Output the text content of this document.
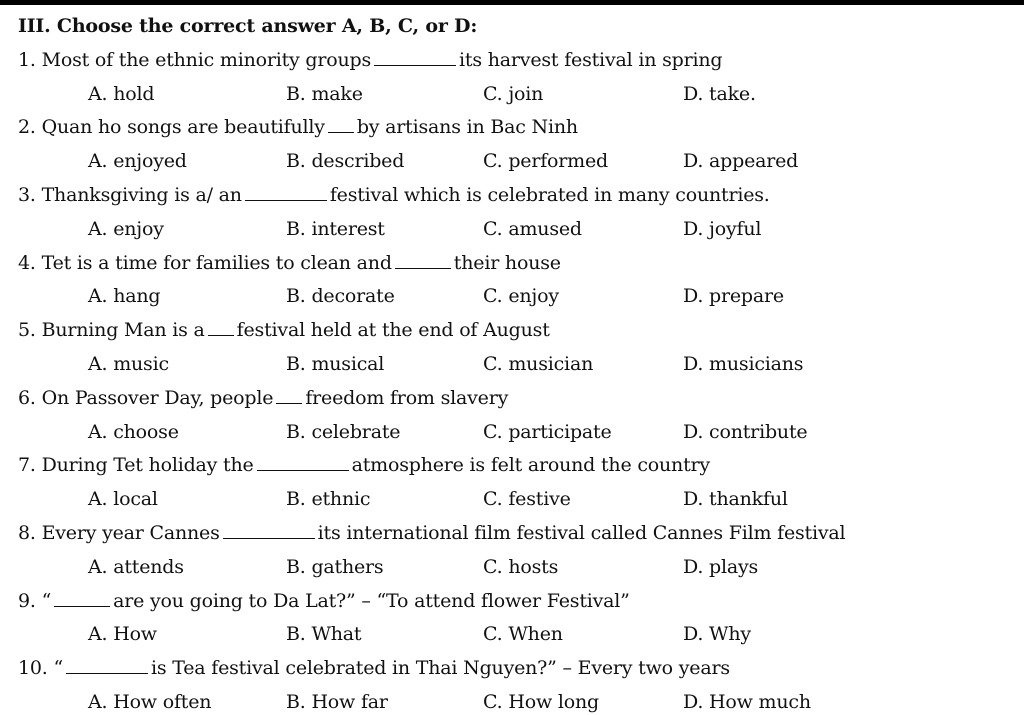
III. Choose the correct answer A, B, C, or D:
1. Most of the ethnic minority groups	its harvest festival in spring
A. hold	B. make	C. join	D. take.
2. Quan ho songs are beautifully by artisans in Bac Ninh
A. enjoyed	B. described	C. performed	D. appeared
3. Thanksgiving is a/ an	festival which is celebrated in many countries.
A. enjoy	B. interest	C. amused	D. joyful
4. Tet is a time for families to clean and	their house
A. hang	B. decorate	C. enjoy	D. prepare
5. Burning Man is a festival held at the end of August
A. music	B. musical	C. musician	D. musicians
6. On Passover Day, people freedom from slavery
A. choose	B. celebrate	C. participate	D. contribute
7. During Tet holiday the	atmosphere is felt around the country
A. local	B. ethnic	C. festive	D. thankful
8. Every year Cannes	its international film festival called Cannes Film festival
A. attends	B. gathers	C. hosts	D. plays
9. “	are you going to Da Lat?” – “To attend flower Festival”
A. How	B. What	C. When	D. Why
10. “	is Tea festival celebrated in Thai Nguyen?” – Every two years
A. How often	B. How far	C. How long	D. How much
